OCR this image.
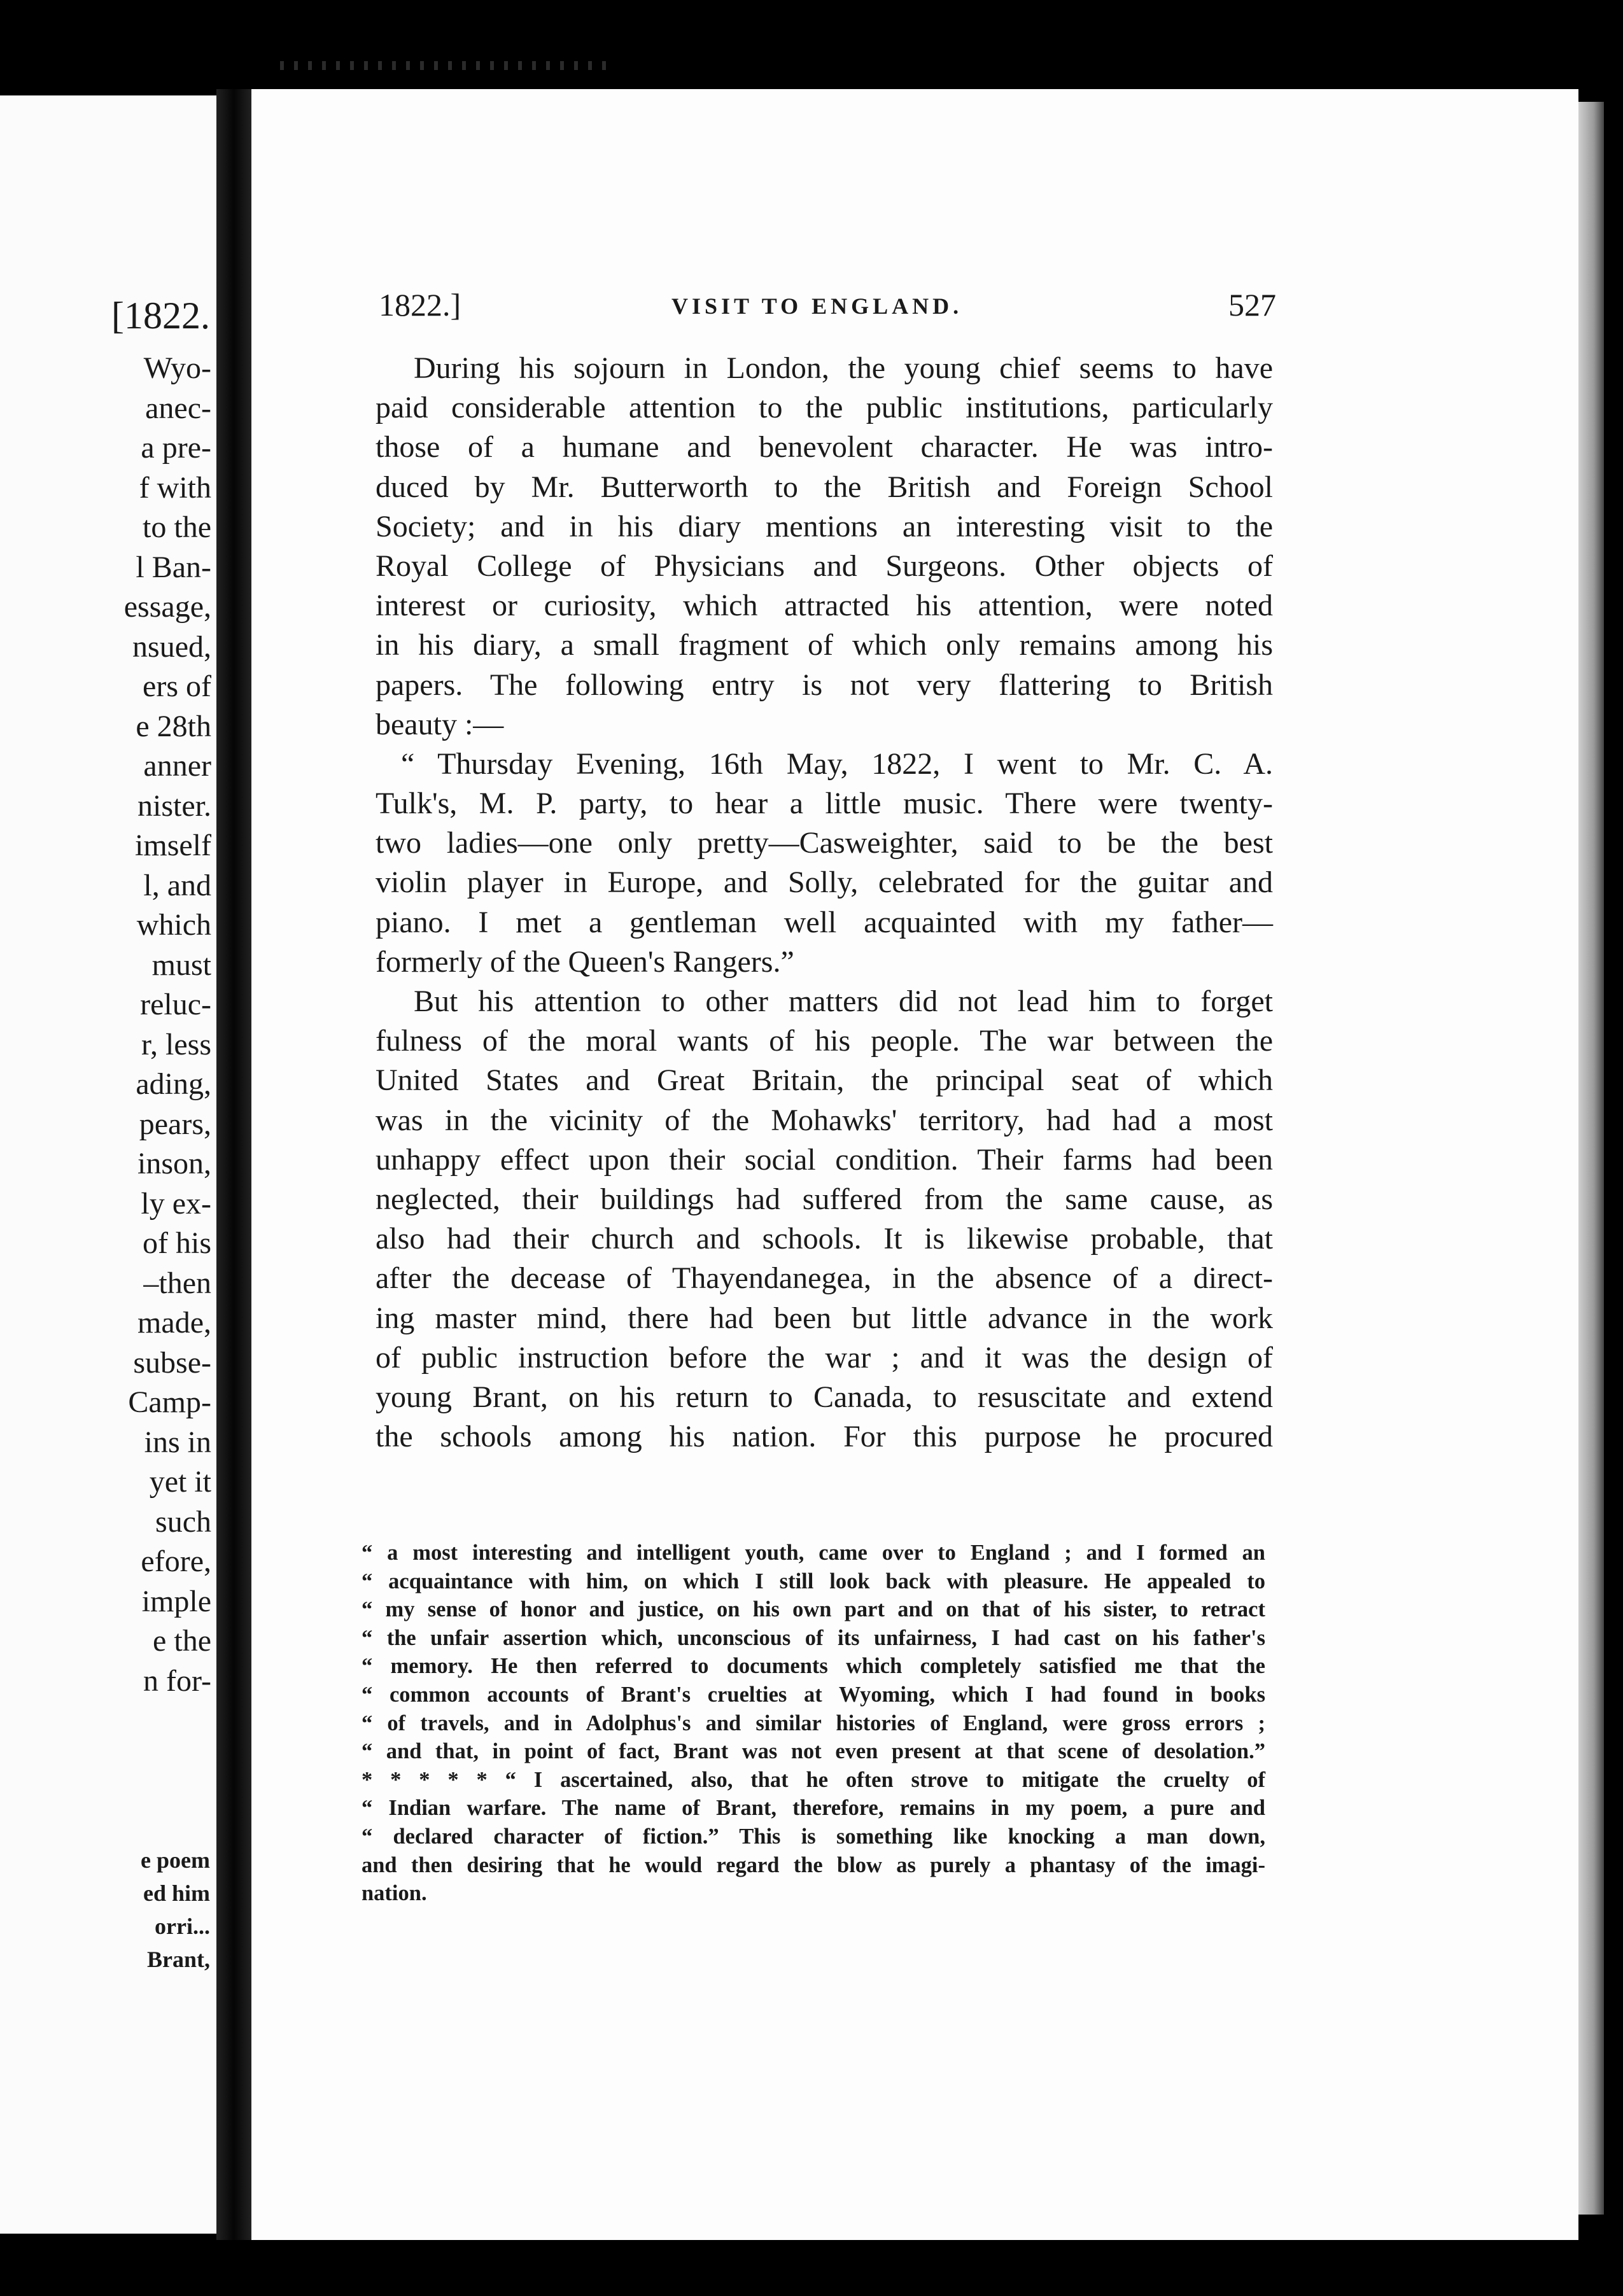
[1822.
Wyo-
anec-
a pre-
f with
to the
l Ban-
essage,
nsued,
ers of
e 28th
anner
nister.
imself
l, and
which
must
reluc-
r, less
ading,
pears,
inson,
ly ex-
of his
–then
made,
subse-
Camp-
ins in
yet it
such
efore,
imple
e the
n for-
e poem
ed him
orri...
Brant,
1822.]	VISIT TO ENGLAND.	527
During his sojourn in London, the young chief seems to have
paid considerable attention to the public institutions, particularly
those of a humane and benevolent character. He was intro-
duced by Mr. Butterworth to the British and Foreign School
Society; and in his diary mentions an interesting visit to the
Royal College of Physicians and Surgeons. Other objects of
interest or curiosity, which attracted his attention, were noted
in his diary, a small fragment of which only remains among his
papers. The following entry is not very flattering to British
beauty :—
“ Thursday Evening, 16th May, 1822, I went to Mr. C. A.
Tulk's, M. P. party, to hear a little music. There were twenty-
two ladies—one only pretty—Casweighter, said to be the best
violin player in Europe, and Solly, celebrated for the guitar and
piano. I met a gentleman well acquainted with my father—
formerly of the Queen's Rangers.”
But his attention to other matters did not lead him to forget
fulness of the moral wants of his people. The war between the
United States and Great Britain, the principal seat of which
was in the vicinity of the Mohawks' territory, had had a most
unhappy effect upon their social condition. Their farms had been
neglected, their buildings had suffered from the same cause, as
also had their church and schools. It is likewise probable, that
after the decease of Thayendanegea, in the absence of a direct-
ing master mind, there had been but little advance in the work
of public instruction before the war ; and it was the design of
young Brant, on his return to Canada, to resuscitate and extend
the schools among his nation. For this purpose he procured
“ a most interesting and intelligent youth, came over to England ; and I formed an
“ acquaintance with him, on which I still look back with pleasure. He appealed to
“ my sense of honor and justice, on his own part and on that of his sister, to retract
“ the unfair assertion which, unconscious of its unfairness, I had cast on his father's
“ memory. He then referred to documents which completely satisfied me that the
“ common accounts of Brant's cruelties at Wyoming, which I had found in books
“ of travels, and in Adolphus's and similar histories of England, were gross errors ;
“ and that, in point of fact, Brant was not even present at that scene of desolation.”
* * * * * “ I ascertained, also, that he often strove to mitigate the cruelty of
“ Indian warfare. The name of Brant, therefore, remains in my poem, a pure and
“ declared character of fiction.” This is something like knocking a man down,
and then desiring that he would regard the blow as purely a phantasy of the imagi-
nation.
